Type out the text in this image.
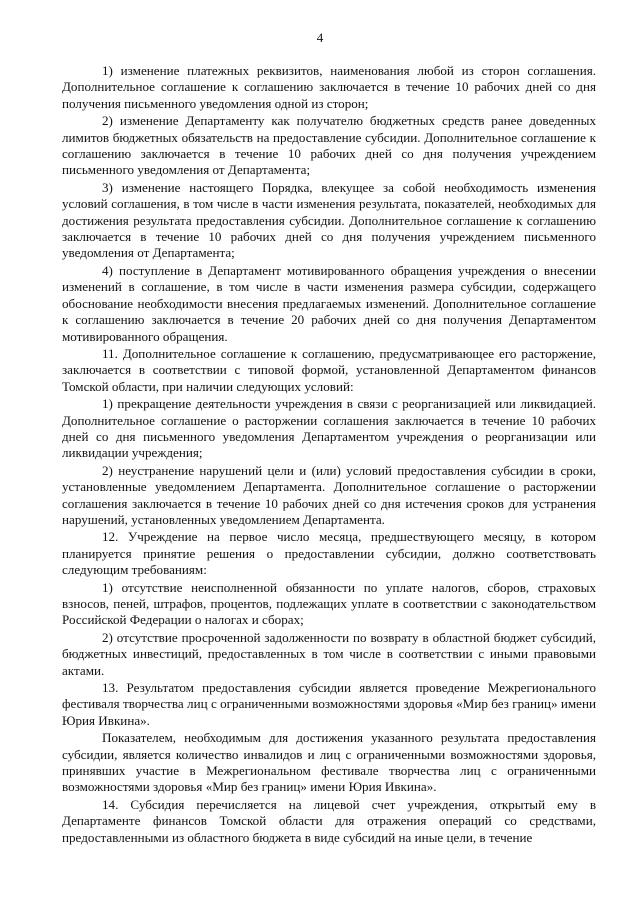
4

1) изменение платежных реквизитов, наименования любой из сторон соглашения. Дополнительное соглашение к соглашению заключается в течение 10 рабочих дней со дня получения письменного уведомления одной из сторон;

2) изменение Департаменту как получателю бюджетных средств ранее доведенных лимитов бюджетных обязательств на предоставление субсидии. Дополнительное соглашение к соглашению заключается в течение 10 рабочих дней со дня получения учреждением письменного уведомления от Департамента;

3) изменение настоящего Порядка, влекущее за собой необходимость изменения условий соглашения, в том числе в части изменения результата, показателей, необходимых для достижения результата предоставления субсидии. Дополнительное соглашение к соглашению заключается в течение 10 рабочих дней со дня получения учреждением письменного уведомления от Департамента;

4) поступление в Департамент мотивированного обращения учреждения о внесении изменений в соглашение, в том числе в части изменения размера субсидии, содержащего обоснование необходимости внесения предлагаемых изменений. Дополнительное соглашение к соглашению заключается в течение 20 рабочих дней со дня получения Департаментом мотивированного обращения.

11. Дополнительное соглашение к соглашению, предусматривающее его расторжение, заключается в соответствии с типовой формой, установленной Департаментом финансов Томской области, при наличии следующих условий:

1) прекращение деятельности учреждения в связи с реорганизацией или ликвидацией. Дополнительное соглашение о расторжении соглашения заключается в течение 10 рабочих дней со дня письменного уведомления Департаментом учреждения о реорганизации или ликвидации учреждения;

2) неустранение нарушений цели и (или) условий предоставления субсидии в сроки, установленные уведомлением Департамента. Дополнительное соглашение о расторжении соглашения заключается в течение 10 рабочих дней со дня истечения сроков для устранения нарушений, установленных уведомлением Департамента.

12. Учреждение на первое число месяца, предшествующего месяцу, в котором планируется принятие решения о предоставлении субсидии, должно соответствовать следующим требованиям:

1) отсутствие неисполненной обязанности по уплате налогов, сборов, страховых взносов, пеней, штрафов, процентов, подлежащих уплате в соответствии с законодательством Российской Федерации о налогах и сборах;

2) отсутствие просроченной задолженности по возврату в областной бюджет субсидий, бюджетных инвестиций, предоставленных в том числе в соответствии с иными правовыми актами.

13. Результатом предоставления субсидии является проведение Межрегионального фестиваля творчества лиц с ограниченными возможностями здоровья «Мир без границ» имени Юрия Ивкина».

Показателем, необходимым для достижения указанного результата предоставления субсидии, является количество инвалидов и лиц с ограниченными возможностями здоровья, принявших участие в Межрегиональном фестивале творчества лиц с ограниченными возможностями здоровья «Мир без границ» имени Юрия Ивкина».

14. Субсидия перечисляется на лицевой счет учреждения, открытый ему в Департаменте финансов Томской области для отражения операций со средствами, предоставленными из областного бюджета в виде субсидий на иные цели, в течение
